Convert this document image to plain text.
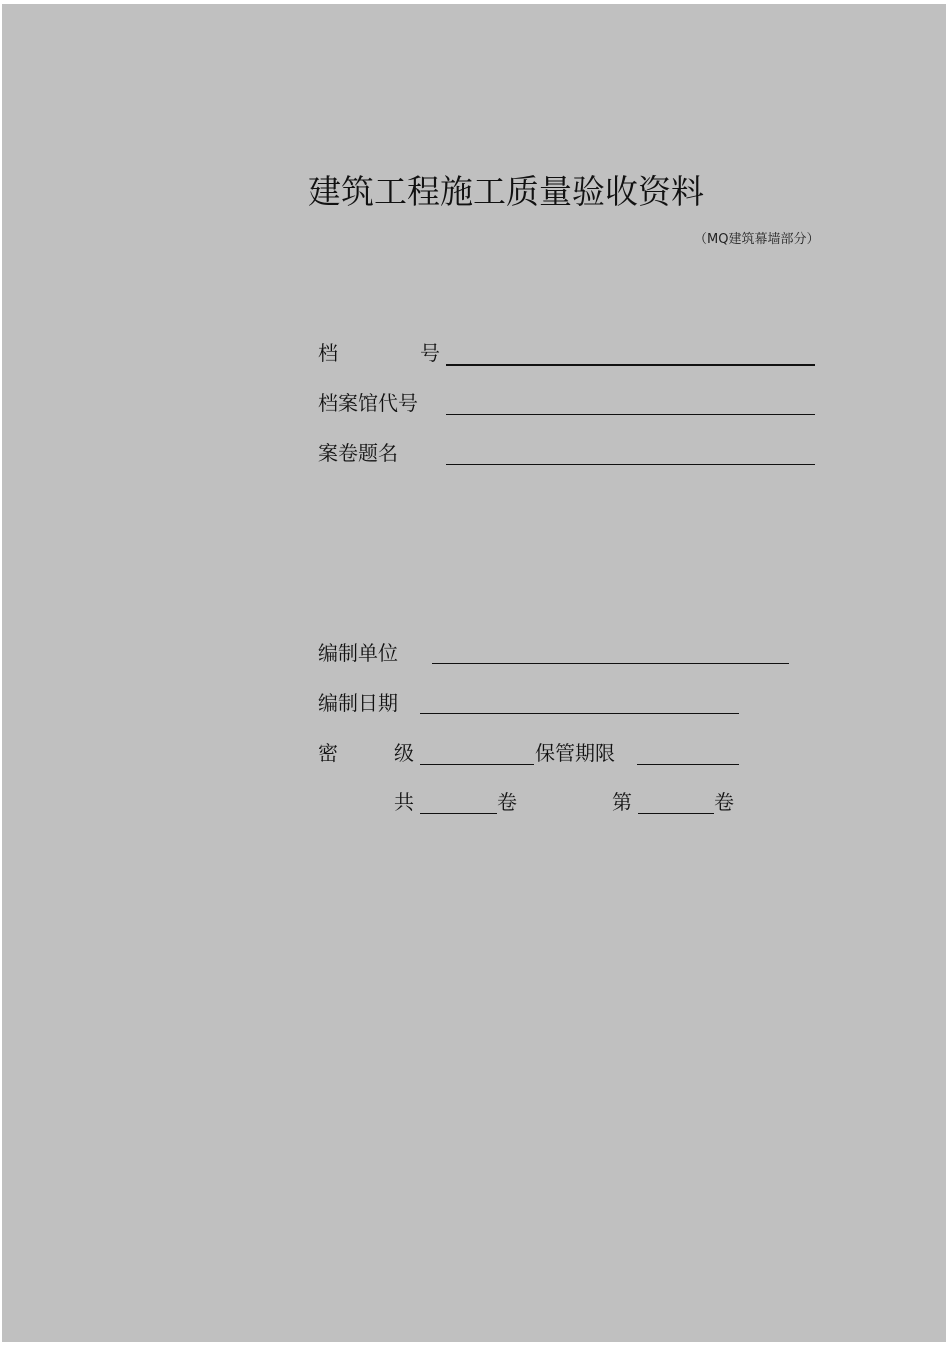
建筑工程施工质量验收资料
（MQ建筑幕墙部分）
档	号
档案馆代号
案卷题名
编制单位
编制日期
密	级	保管期限
共	卷	第	卷
